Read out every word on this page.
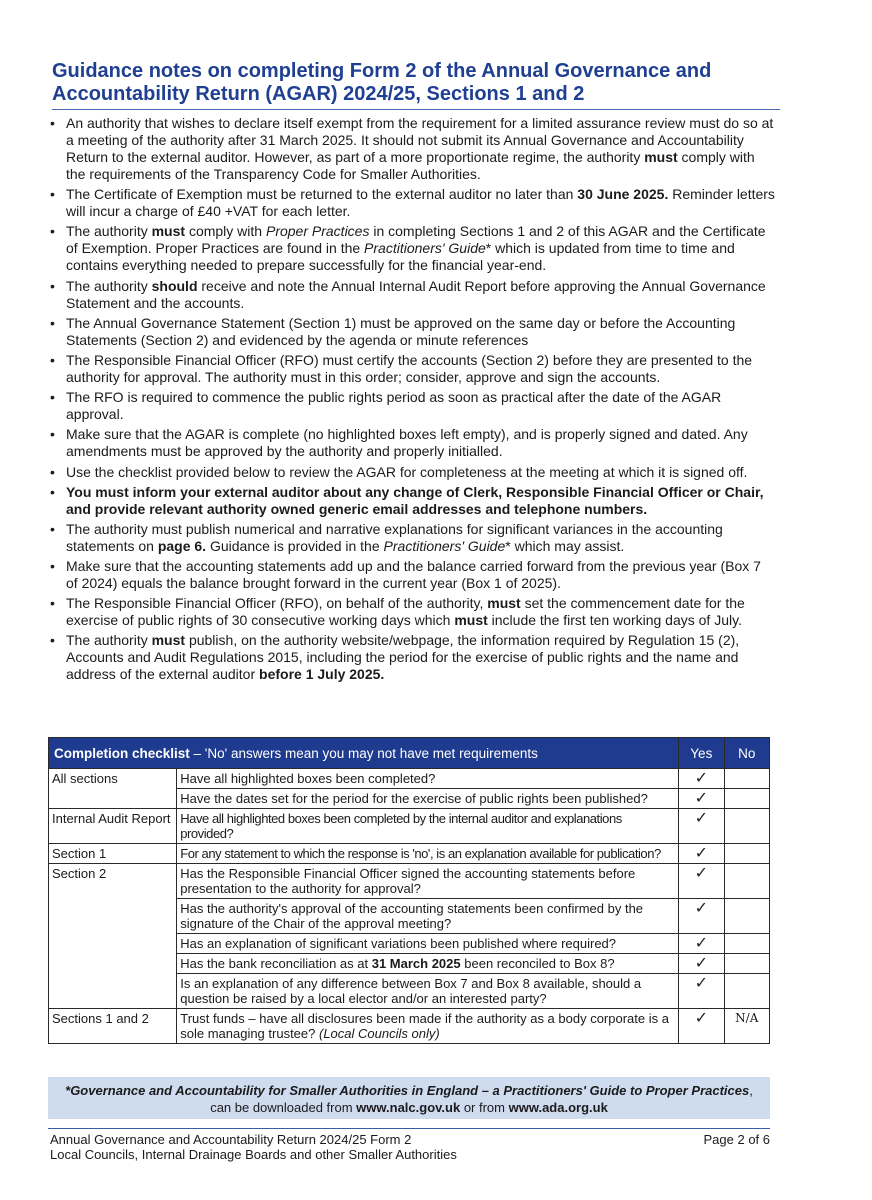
Guidance notes on completing Form 2 of the Annual Governance and
Accountability Return (AGAR) 2024/25, Sections 1 and 2
• An authority that wishes to declare itself exempt from the requirement for a limited assurance review must do so at a meeting of the authority after 31 March 2025. It should not submit its Annual Governance and Accountability Return to the external auditor. However, as part of a more proportionate regime, the authority must comply with the requirements of the Transparency Code for Smaller Authorities.
• The Certificate of Exemption must be returned to the external auditor no later than 30 June 2025. Reminder letters will incur a charge of £40 +VAT for each letter.
• The authority must comply with Proper Practices in completing Sections 1 and 2 of this AGAR and the Certificate of Exemption. Proper Practices are found in the Practitioners' Guide* which is updated from time to time and contains everything needed to prepare successfully for the financial year-end.
• The authority should receive and note the Annual Internal Audit Report before approving the Annual Governance Statement and the accounts.
• The Annual Governance Statement (Section 1) must be approved on the same day or before the Accounting Statements (Section 2) and evidenced by the agenda or minute references
• The Responsible Financial Officer (RFO) must certify the accounts (Section 2) before they are presented to the authority for approval. The authority must in this order; consider, approve and sign the accounts.
• The RFO is required to commence the public rights period as soon as practical after the date of the AGAR approval.
• Make sure that the AGAR is complete (no highlighted boxes left empty), and is properly signed and dated. Any amendments must be approved by the authority and properly initialled.
• Use the checklist provided below to review the AGAR for completeness at the meeting at which it is signed off.
• You must inform your external auditor about any change of Clerk, Responsible Financial Officer or Chair, and provide relevant authority owned generic email addresses and telephone numbers.
• The authority must publish numerical and narrative explanations for significant variances in the accounting statements on page 6. Guidance is provided in the Practitioners' Guide* which may assist.
• Make sure that the accounting statements add up and the balance carried forward from the previous year (Box 7 of 2024) equals the balance brought forward in the current year (Box 1 of 2025).
• The Responsible Financial Officer (RFO), on behalf of the authority, must set the commencement date for the exercise of public rights of 30 consecutive working days which must include the first ten working days of July.
• The authority must publish, on the authority website/webpage, the information required by Regulation 15 (2), Accounts and Audit Regulations 2015, including the period for the exercise of public rights and the name and address of the external auditor before 1 July 2025.
Completion checklist – 'No' answers mean you may not have met requirements		Yes	No
All sections	Have all highlighted boxes been completed?	✓	
	Have the dates set for the period for the exercise of public rights been published?	✓	
Internal Audit Report	Have all highlighted boxes been completed by the internal auditor and explanations provided?	✓	
Section 1	For any statement to which the response is 'no', is an explanation available for publication?	✓	
Section 2	Has the Responsible Financial Officer signed the accounting statements before presentation to the authority for approval?	✓	
	Has the authority's approval of the accounting statements been confirmed by the signature of the Chair of the approval meeting?	✓	
	Has an explanation of significant variations been published where required?	✓	
	Has the bank reconciliation as at 31 March 2025 been reconciled to Box 8?	✓	
	Is an explanation of any difference between Box 7 and Box 8 available, should a question be raised by a local elector and/or an interested party?	✓	
Sections 1 and 2	Trust funds – have all disclosures been made if the authority as a body corporate is a sole managing trustee? (Local Councils only)	✓	N/A
*Governance and Accountability for Smaller Authorities in England – a Practitioners' Guide to Proper Practices,
can be downloaded from www.nalc.gov.uk or from www.ada.org.uk
Annual Governance and Accountability Return 2024/25 Form 2
Local Councils, Internal Drainage Boards and other Smaller Authorities
Page 2 of 6
